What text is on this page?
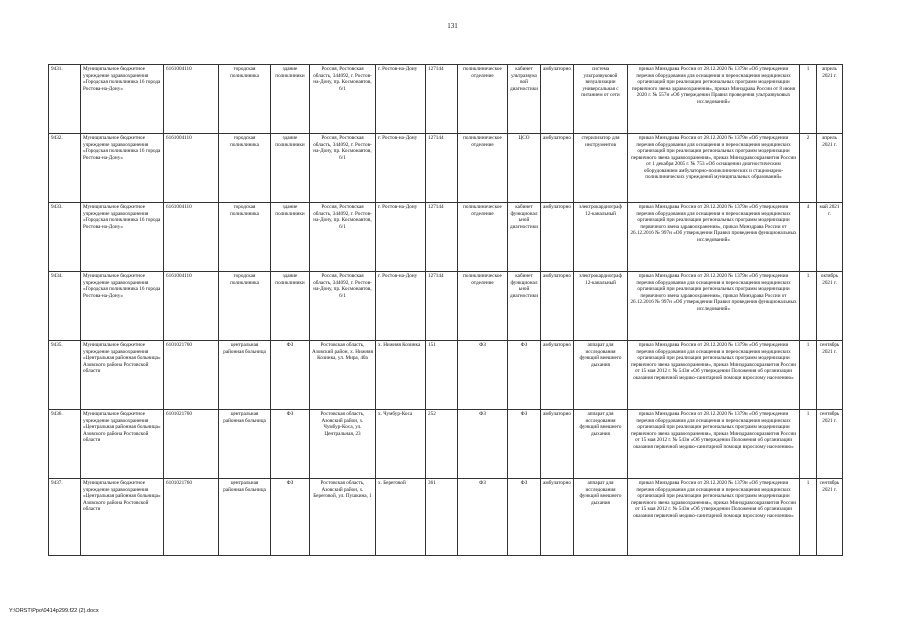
131
9431.	Муниципальное бюджетное учреждение здравоохранения «Городская поликлиника 16 города Ростова-на-Дону»	6161004110	городская поликлиника	здание поликлиники	Россия, Ростовская область, 344092, г. Ростов-на-Дону, пр. Космонавтов, 6/1	г. Ростов-на-Дону	127144	поликлиническое отделение	кабинет ультразвуковой диагностики	амбулаторно	система ультразвуковой визуализации универсальная с питанием от сети	приказ Минздрава России от 28.12.2020 № 1379н «Об утверждении перечня оборудования для оснащения и переоснащения медицинских организаций при реализации региональных программ модернизации первичного звена здравоохранения», приказ Минздрава России от 8 июня 2020 г. № 557н «Об утверждении Правил проведения ультразвуковых исследований»	1	апрель 2021 г.
9432.	Муниципальное бюджетное учреждение здравоохранения «Городская поликлиника 16 города Ростова-на-Дону»	6161004110	городская поликлиника	здание поликлиники	Россия, Ростовская область, 344092, г. Ростов-на-Дону, пр. Космонавтов, 6/1	г. Ростов-на-Дону	127144	поликлиническое отделение	ЦСО	амбулаторно	стерилизатор для инструментов	приказ Минздрава России от 28.12.2020 № 1379н «Об утверждении перечня оборудования для оснащения и переоснащения медицинских организаций при реализации региональных программ модернизации первичного звена здравоохранения», приказ Минздравсоцразвития России от 1 декабря 2005 г. № 753 «Об оснащении диагностическим оборудованием амбулаторно-поликлинических и стационарно-поликлинических учреждений муниципальных образований»	2	апрель 2021 г.
9433.	Муниципальное бюджетное учреждение здравоохранения «Городская поликлиника 16 города Ростова-на-Дону»	6161004110	городская поликлиника	здание поликлиники	Россия, Ростовская область, 344092, г. Ростов-на-Дону, пр. Космонавтов, 6/1	г. Ростов-на-Дону	127144	поликлиническое отделение	кабинет функциональной диагностики	амбулаторно	электрокардиограф 12-канальный	приказ Минздрава России от 28.12.2020 № 1379н «Об утверждении перечня оборудования для оснащения и переоснащения медицинских организаций при реализации региональных программ модернизации первичного звена здравоохранения», приказ Минздрава России от 26.12.2016 № 997н «Об утверждении Правил проведения функциональных исследований»	4	май 2021 г.
9434.	Муниципальное бюджетное учреждение здравоохранения «Городская поликлиника 16 города Ростова-на-Дону»	6161004110	городская поликлиника	здание поликлиники	Россия, Ростовская область, 344092, г. Ростов-на-Дону, пр. Космонавтов, 6/1	г. Ростов-на-Дону	127144	поликлиническое отделение	кабинет функциональной диагностики	амбулаторно	электрокардиограф 12-канальный	приказ Минздрава России от 28.12.2020 № 1379н «Об утверждении перечня оборудования для оснащения и переоснащения медицинских организаций при реализации региональных программ модернизации первичного звена здравоохранения», приказ Минздрава России от 26.12.2016 № 997н «Об утверждении Правил проведения функциональных исследований»	1	октябрь 2021 г.
9435.	Муниципальное бюджетное учреждение здравоохранения «Центральная районная больница» Азовского района Ростовской области	6101021760	центральная районная больница	ФЗ	Ростовская область, Азовский район, х. Нижняя Козинка, ул. Мира, 40а	х. Нижняя Козинка	151	ФЗ	ФЗ	амбулаторно	аппарат для исследования функций внешнего дыхания	приказ Минздрава России от 28.12.2020 № 1379н «Об утверждении перечня оборудования для оснащения и переоснащения медицинских организаций при реализации региональных программ модернизации первичного звена здравоохранения», приказ Минздравсоцразвития России от 15 мая 2012 г. № 543н «Об утверждении Положения об организации оказания первичной медико-санитарной помощи взрослому населению»	1	сентябрь 2021 г.
9436.	Муниципальное бюджетное учреждение здравоохранения «Центральная районная больница» Азовского района Ростовской области	6101021760	центральная районная больница	ФЗ	Ростовская область, Азовский район, х. Чумбур-Коса, ул. Центральная, 23	х. Чумбур-Коса	252	ФЗ	ФЗ	амбулаторно	аппарат для исследования функций внешнего дыхания	приказ Минздрава России от 28.12.2020 № 1379н «Об утверждении перечня оборудования для оснащения и переоснащения медицинских организаций при реализации региональных программ модернизации первичного звена здравоохранения», приказ Минздравсоцразвития России от 15 мая 2012 г. № 543н «Об утверждении Положения об организации оказания первичной медико-санитарной помощи взрослому населению»	1	сентябрь 2021 г.
9437.	Муниципальное бюджетное учреждение здравоохранения «Центральная районная больница» Азовского района Ростовской области	6101021760	центральная районная больница	ФЗ	Ростовская область, Азовский район, х. Береговой, ул. Пушкина, 1	х. Береговой	361	ФЗ	ФЗ	амбулаторно	аппарат для исследования функций внешнего дыхания	приказ Минздрава России от 28.12.2020 № 1379н «Об утверждении перечня оборудования для оснащения и переоснащения медицинских организаций при реализации региональных программ модернизации первичного звена здравоохранения», приказ Минздравсоцразвития России от 15 мая 2012 г. № 543н «Об утверждении Положения об организации оказания первичной медико-санитарной помощи взрослому населению»	1	сентябрь 2021 г.
Y:\ORST\Ppo\0414p299.f22 (2).docx
